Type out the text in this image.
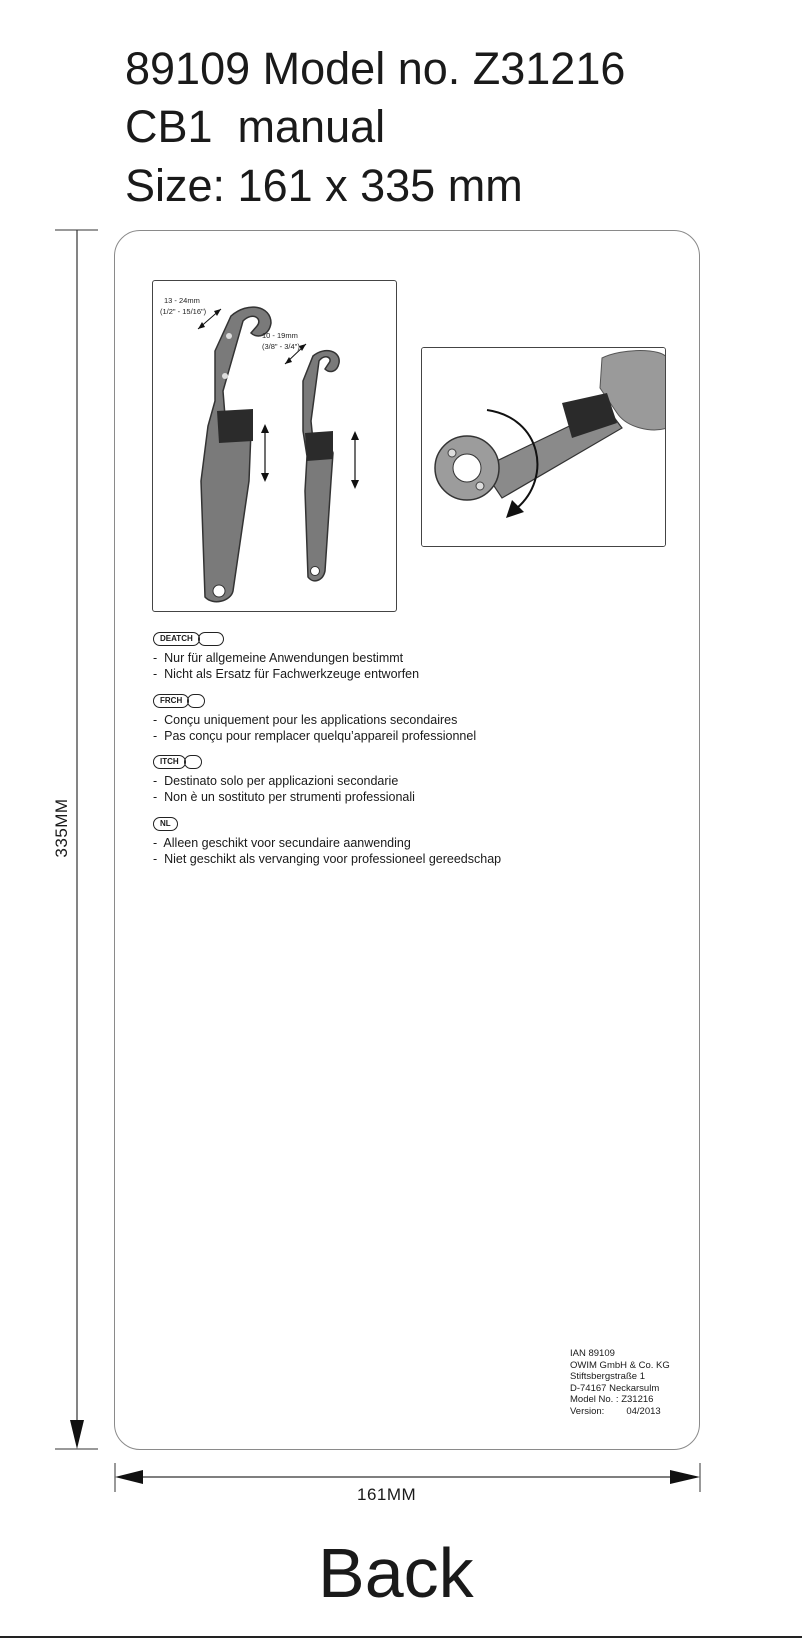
89109 Model no. Z31216
CB1  manual
Size: 161 x 335 mm
335MM
161MM
13 - 24mm
(1/2" - 15/16")
10 - 19mm
(3/8" - 3/4")
DEATCH
- Nur für allgemeine Anwendungen bestimmt
- Nicht als Ersatz für Fachwerkzeuge entworfen
FRCH
- Conçu uniquement pour les applications secondaires
- Pas conçu pour remplacer quelqu’appareil professionnel
ITCH
- Destinato solo per applicazioni secondarie
- Non è un sostituto per strumenti professionali
NL
- Alleen geschikt voor secundaire aanwending
- Niet geschikt als vervanging voor professioneel gereedschap
IAN 89109
OWIM GmbH & Co. KG
Stiftsbergstraße 1
D-74167 Neckarsulm
Model No. : Z31216
Version: 04/2013
Back
